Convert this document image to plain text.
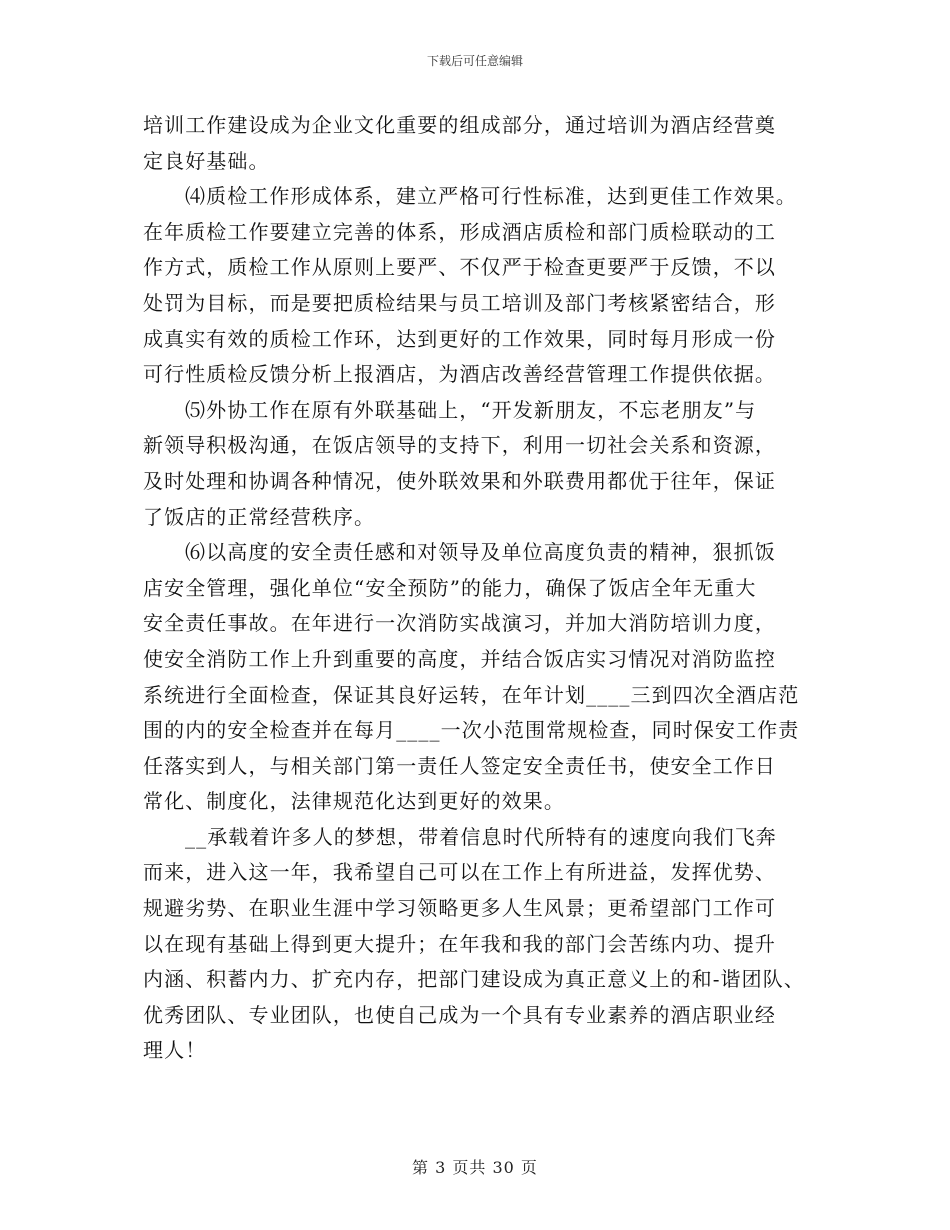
下载后可任意编辑
培训工作建设成为企业文化重要的组成部分，通过培训为酒店经营奠
定良好基础。
⑷质检工作形成体系，建立严格可行性标准，达到更佳工作效果。
在年质检工作要建立完善的体系，形成酒店质检和部门质检联动的工
作方式，质检工作从原则上要严、不仅严于检查更要严于反馈，不以
处罚为目标，而是要把质检结果与员工培训及部门考核紧密结合，形
成真实有效的质检工作环，达到更好的工作效果，同时每月形成一份
可行性质检反馈分析上报酒店，为酒店改善经营管理工作提供依据。
⑸外协工作在原有外联基础上，“开发新朋友，不忘老朋友”与
新领导积极沟通，在饭店领导的支持下，利用一切社会关系和资源，
及时处理和协调各种情况，使外联效果和外联费用都优于往年，保证
了饭店的正常经营秩序。
⑹以高度的安全责任感和对领导及单位高度负责的精神，狠抓饭
店安全管理，强化单位“安全预防”的能力，确保了饭店全年无重大
安全责任事故。在年进行一次消防实战演习，并加大消防培训力度，
使安全消防工作上升到重要的高度，并结合饭店实习情况对消防监控
系统进行全面检查，保证其良好运转，在年计划____三到四次全酒店范
围的内的安全检查并在每月____一次小范围常规检查，同时保安工作责
任落实到人，与相关部门第一责任人签定安全责任书，使安全工作日
常化、制度化，法律规范化达到更好的效果。
__承载着许多人的梦想，带着信息时代所特有的速度向我们飞奔
而来，进入这一年，我希望自己可以在工作上有所进益，发挥优势、
规避劣势、在职业生涯中学习领略更多人生风景；更希望部门工作可
以在现有基础上得到更大提升；在年我和我的部门会苦练内功、提升
内涵、积蓄内力、扩充内存，把部门建设成为真正意义上的和-谐团队、
优秀团队、专业团队，也使自己成为一个具有专业素养的酒店职业经
理人！
第 3 页共 30 页
